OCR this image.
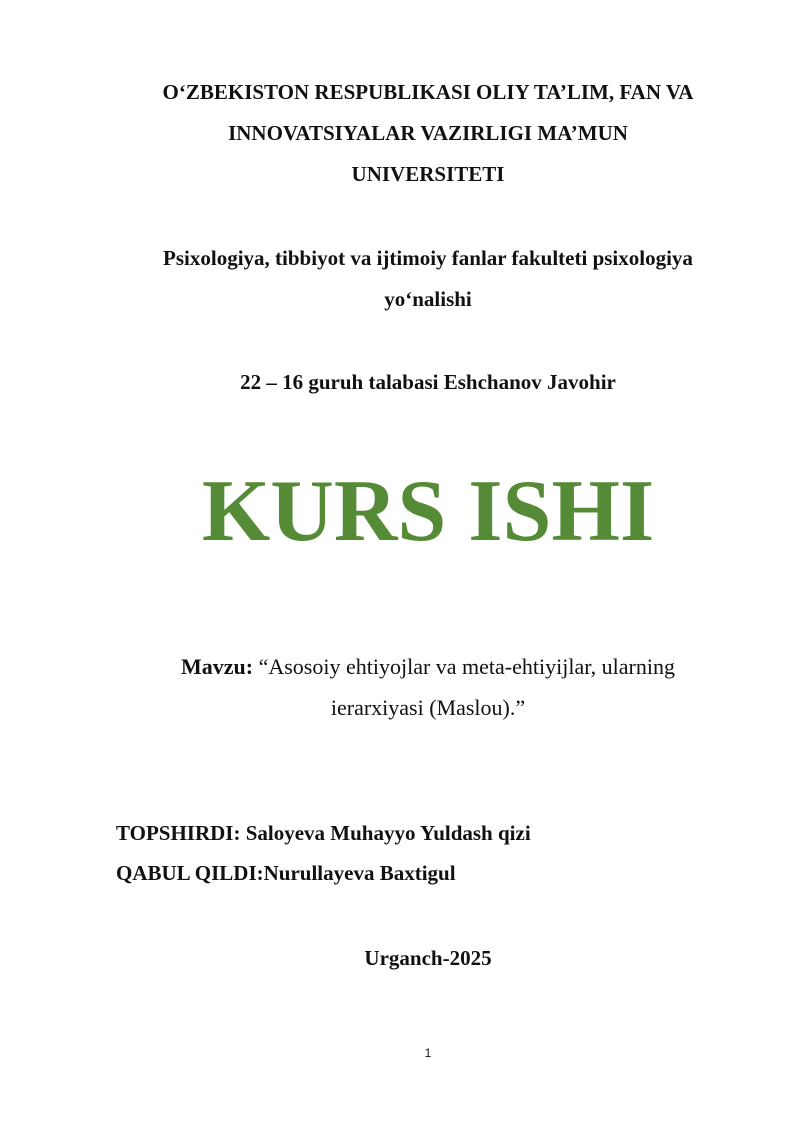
O‘ZBEKISTON RESPUBLIKASI OLIY TA’LIM, FAN VA
INNOVATSIYALAR VAZIRLIGI MA’MUN
UNIVERSITETI
Psixologiya, tibbiyot va ijtimoiy fanlar fakulteti psixologiya
yo‘nalishi
22 – 16 guruh talabasi Eshchanov Javohir
KURS ISHI
Mavzu: “Asosoiy ehtiyojlar va meta-ehtiyijlar, ularning
ierarxiyasi (Maslou).”
TOPSHIRDI: Saloyeva Muhayyo Yuldash qizi
QABUL QILDI:Nurullayeva Baxtigul
Urganch-2025
1
